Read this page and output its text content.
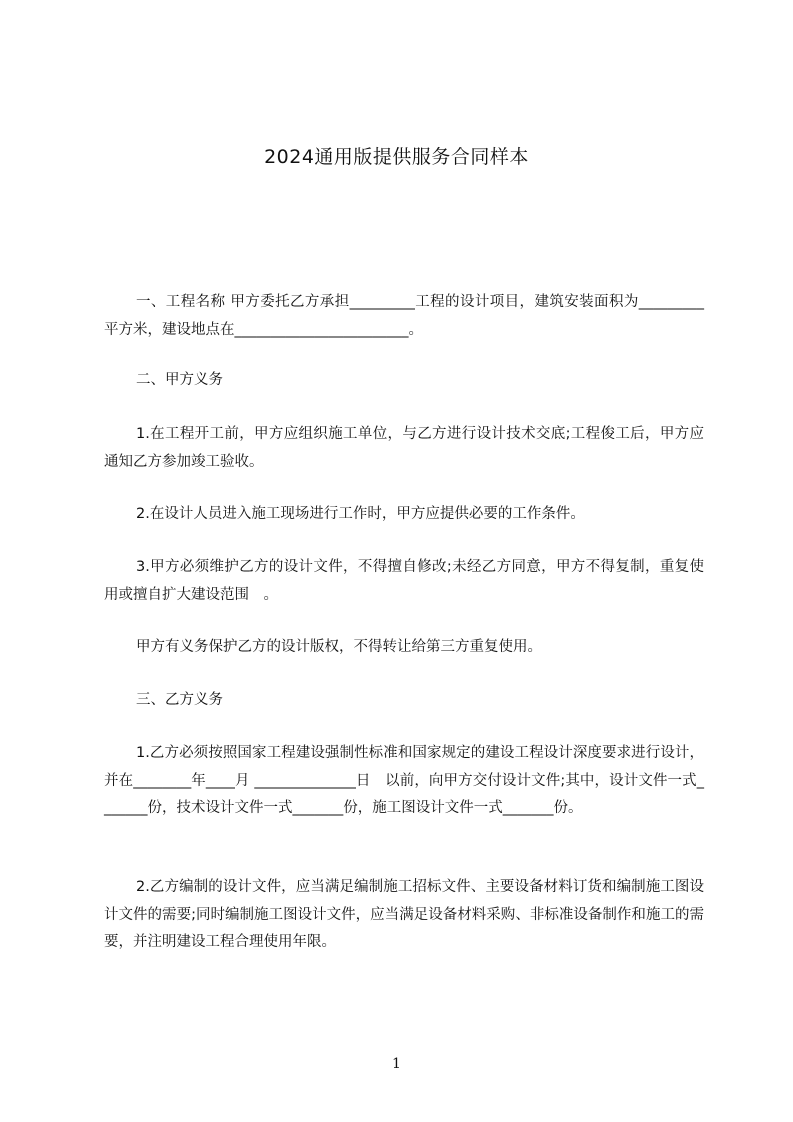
2024通用版提供服务合同样本

一、工程名称 甲方委托乙方承担_________工程的设计项目，建筑安装面积为_________平方米，建设地点在________________________。

二、甲方义务

1.在工程开工前，甲方应组织施工单位，与乙方进行设计技术交底;工程俊工后，甲方应通知乙方参加竣工验收。

2.在设计人员进入施工现场进行工作时，甲方应提供必要的工作条件。

3.甲方必须维护乙方的设计文件，不得擅自修改;未经乙方同意，甲方不得复制，重复使用或擅自扩大建设范围　。

甲方有义务保护乙方的设计版权，不得转让给第三方重复使用。

三、乙方义务

1.乙方必须按照国家工程建设强制性标准和国家规定的建设工程设计深度要求进行设计，并在________年____月 ______________日　以前，向甲方交付设计文件;其中，设计文件一式_______份，技术设计文件一式_______份，施工图设计文件一式_______份。

2.乙方编制的设计文件，应当满足编制施工招标文件、主要设备材料订货和编制施工图设计文件的需要;同时编制施工图设计文件，应当满足设备材料采购、非标准设备制作和施工的需要，并注明建设工程合理使用年限。

1
